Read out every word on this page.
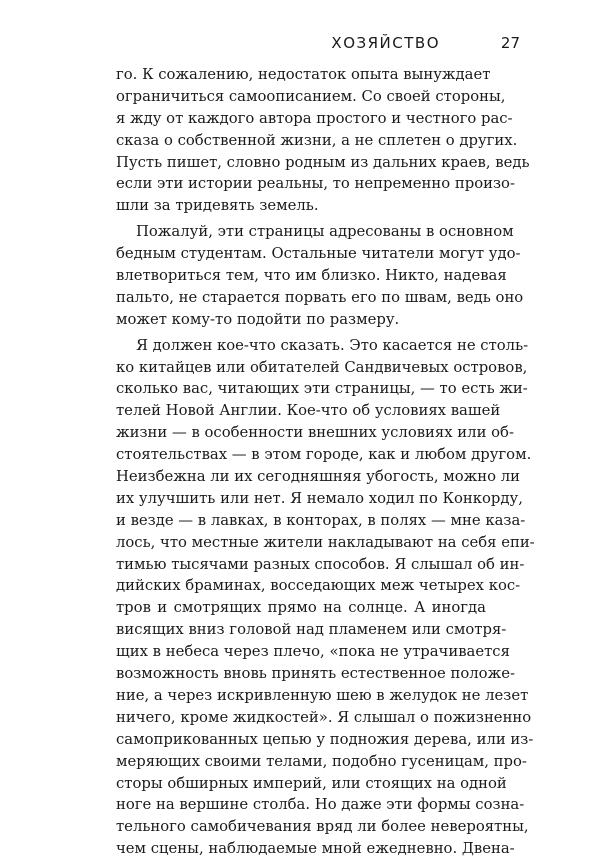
ХОЗЯЙСТВО	27
го. К сожалению, недостаток опыта вынуждает
ограничиться самоописанием. Со своей стороны,
я жду от каждого автора простого и честного рас-
сказа о собственной жизни, а не сплетен о других.
Пусть пишет, словно родным из дальних краев, ведь
если эти истории реальны, то непременно произо-
шли за тридевять земель.
Пожалуй, эти страницы адресованы в основном
бедным студентам. Остальные читатели могут удо-
влетвориться тем, что им близко. Никто, надевая
пальто, не старается порвать его по швам, ведь оно
может кому-то подойти по размеру.
Я должен кое-что сказать. Это касается не столь-
ко китайцев или обитателей Сандвичевых островов,
сколько вас, читающих эти страницы, — то есть жи-
телей Новой Англии. Кое-что об условиях вашей
жизни — в особенности внешних условиях или об-
стоятельствах — в этом городе, как и любом другом.
Неизбежна ли их сегодняшняя убогость, можно ли
их улучшить или нет. Я немало ходил по Конкорду,
и везде — в лавках, в конторах, в полях — мне каза-
лось, что местные жители накладывают на себя епи-
тимью тысячами разных способов. Я слышал об ин-
дийских браминах, восседающих меж четырех кос-
тров и смотрящих прямо на солнце. А иногда
висящих вниз головой над пламенем или смотря-
щих в небеса через плечо, «пока не утрачивается
возможность вновь принять естественное положе-
ние, а через искривленную шею в желудок не лезет
ничего, кроме жидкостей». Я слышал о пожизненно
самоприкованных цепью у подножия дерева, или из-
меряющих своими телами, подобно гусеницам, про-
сторы обширных империй, или стоящих на одной
ноге на вершине столба. Но даже эти формы сознa-
тельного самобичевания вряд ли более невероятны,
чем сцены, наблюдаемые мной ежедневно. Двена-
